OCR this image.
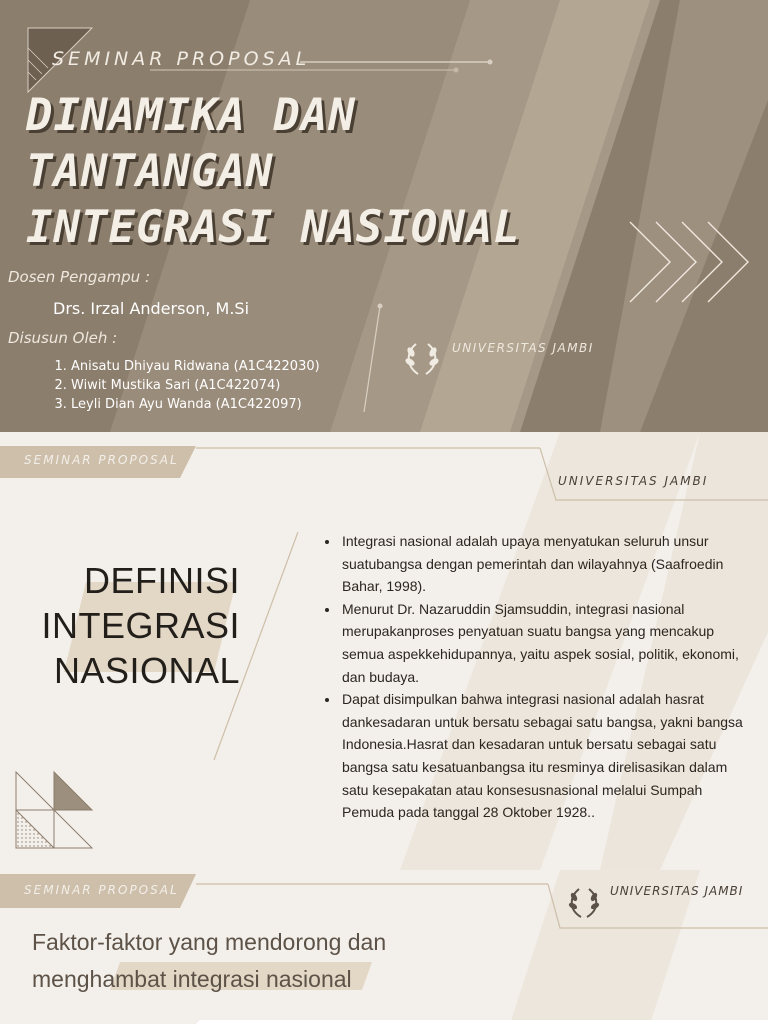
SEMINAR PROPOSAL

DINAMIKA DAN
TANTANGAN
INTEGRASI NASIONAL

Dosen Pengampu :

Drs. Irzal Anderson, M.Si

Disusun Oleh :

1. Anisatu Dhiyau Ridwana (A1C422030)
2. Wiwit Mustika Sari (A1C422074)
3. Leyli Dian Ayu Wanda (A1C422097)

UNIVERSITAS JAMBI

SEMINAR PROPOSAL

UNIVERSITAS JAMBI

DEFINISI
INTEGRASI
NASIONAL
• Integrasi nasional adalah upaya menyatukan seluruh unsur suatubangsa dengan pemerintah dan wilayahnya (Saafroedin Bahar, 1998).
• Menurut Dr. Nazaruddin Sjamsuddin, integrasi nasional merupakanproses penyatuan suatu bangsa yang mencakup semua aspekkehidupannya, yaitu aspek sosial, politik, ekonomi, dan budaya.
• Dapat disimpulkan bahwa integrasi nasional adalah hasrat dankesadaran untuk bersatu sebagai satu bangsa, yakni bangsa Indonesia.Hasrat dan kesadaran untuk bersatu sebagai satu bangsa satu kesatuanbangsa itu resminya direlisasikan dalam satu kesepakatan atau konsesusnasional melalui Sumpah Pemuda pada tanggal 28 Oktober 1928..

SEMINAR PROPOSAL	UNIVERSITAS JAMBI

Faktor-faktor yang mendorong dan
menghambat integrasi nasional
